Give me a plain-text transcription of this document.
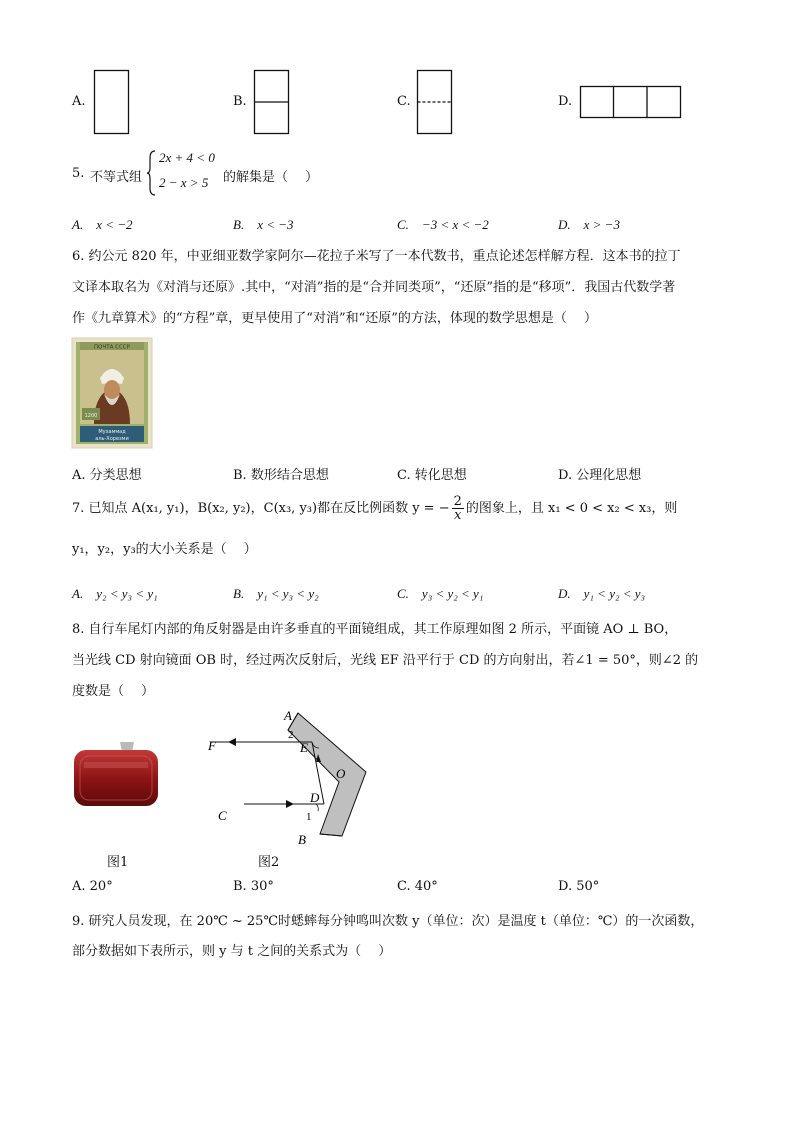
A.	B.	C.	D.
5. 不等式组
2x + 4 < 0
2 − x > 5 的解集是（　 ）
A.　x < −2	B.　x < −3	C.　−3 < x < −2	D.　x > −3
6. 约公元 820 年，中亚细亚数学家阿尔—花拉子米写了一本代数书，重点论述怎样解方程．这本书的拉丁
文译本取名为《对消与还原》.其中，“对消”指的是“合并同类项”，“还原”指的是“移项”．我国古代数学著
作《九章算术》的“方程”章，更早使用了“对消”和“还原”的方法，体现的数学思想是（　 ）
ПОЧТА СССР
1200
Мухаммад
аль-Хорезми
A. 分类思想	B. 数形结合思想	C. 转化思想	D. 公理化思想
7. 已知点 A(x₁, y₁)，B(x₂, y₂)，C(x₃, y₃)都在反比例函数 y = − $\frac{2}{x}$ 的图象上，且 x₁ < 0 < x₂ < x₃，则
y₁，y₂，y₃的大小关系是（　 ）
A.　y₂ < y₃ < y₁	B.　y₁ < y₃ < y₂	C.　y₃ < y₂ < y₁	D.　y₁ < y₂ < y₃
8. 自行车尾灯内部的角反射器是由许多垂直的平面镜组成，其工作原理如图 2 所示，平面镜 AO ⊥ BO，
当光线 CD 射向镜面 OB 时，经过两次反射后，光线 EF 沿平行于 CD 的方向射出，若∠1 = 50°，则∠2 的
度数是（　 ）
图1
A
B
C
D
E
F
O
1
2
图2
A. 20°	B. 30°	C. 40°	D. 50°
9. 研究人员发现，在 20℃ ~ 25℃时蟋蟀每分钟鸣叫次数 y（单位：次）是温度 t（单位：℃）的一次函数，
部分数据如下表所示，则 y 与 t 之间的关系式为（　 ）
